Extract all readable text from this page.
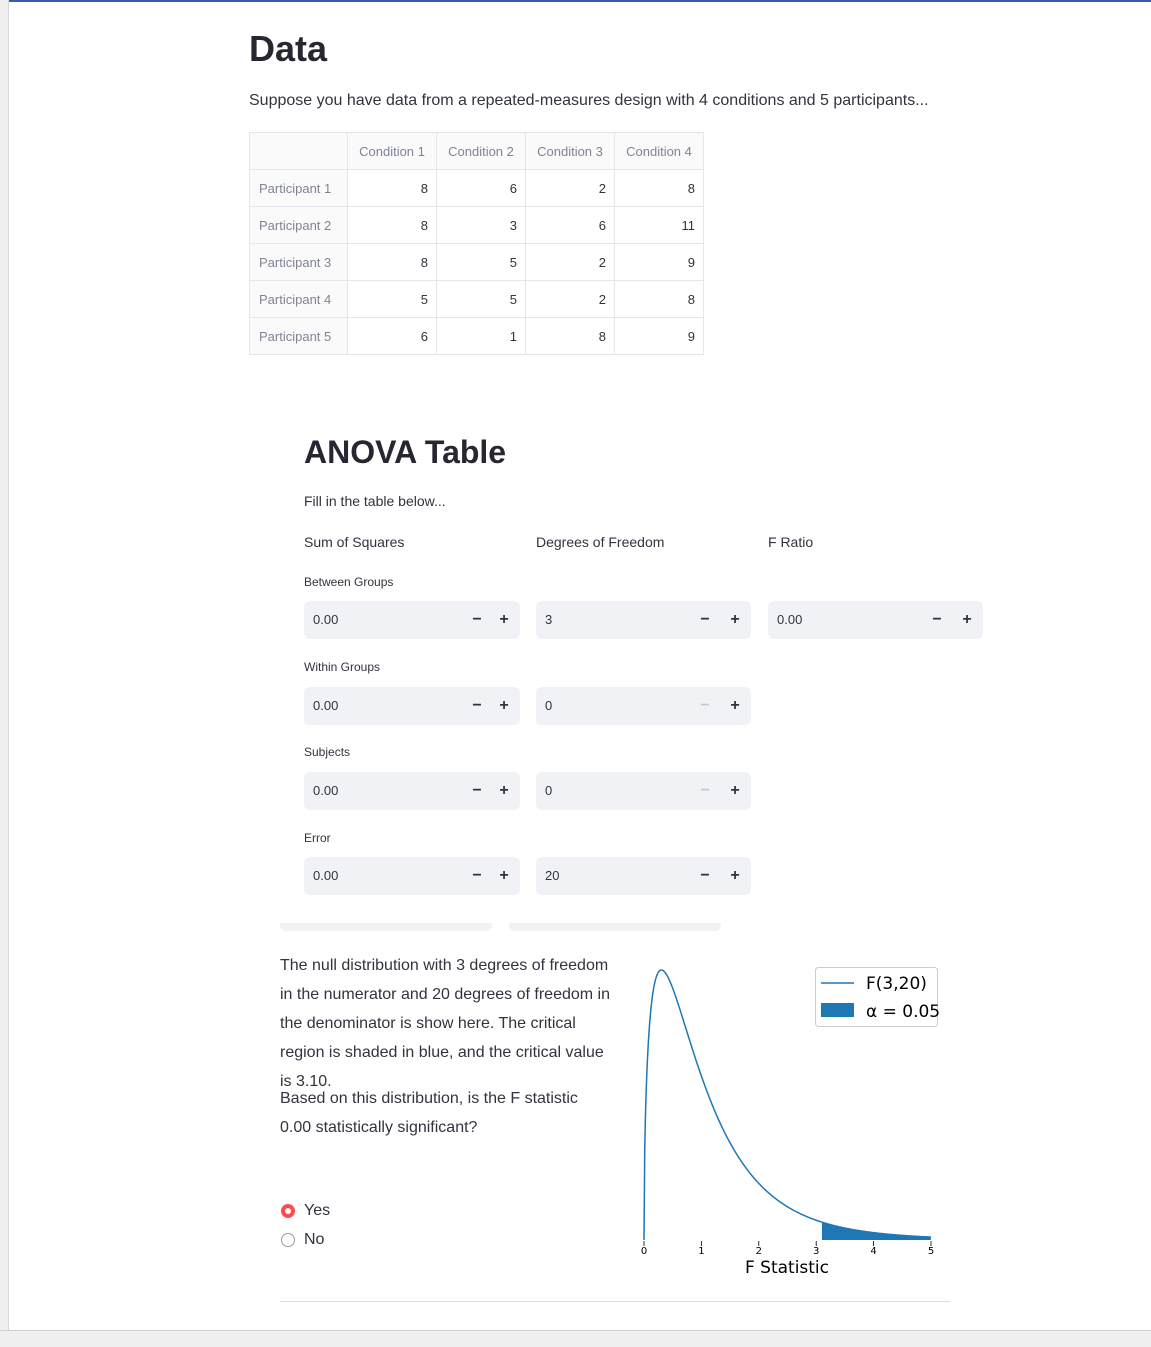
Data
Suppose you have data from a repeated-measures design with 4 conditions and 5 participants...
	Condition 1	Condition 2	Condition 3	Condition 4
Participant 1	8	6	2	8
Participant 2	8	3	6	11
Participant 3	8	5	2	9
Participant 4	5	5	2	8
Participant 5	6	1	8	9
ANOVA Table
Fill in the table below...
Sum of Squares	Degrees of Freedom	F Ratio
Between Groups
0.00	−	+	3	−	+	0.00	−	+
Within Groups
0.00	−	+	0	−	+
Subjects
0.00	−	+	0	−	+
Error
0.00	−	+	20	−	+
The null distribution with 3 degrees of freedom in the numerator and 20 degrees of freedom in the denominator is show here. The critical region is shaded in blue, and the critical value is 3.10.
Based on this distribution, is the F statistic 0.00 statistically significant?
Yes
No
0	1	2	3	4	5
F(3,20)
α = 0.05
F Statistic
